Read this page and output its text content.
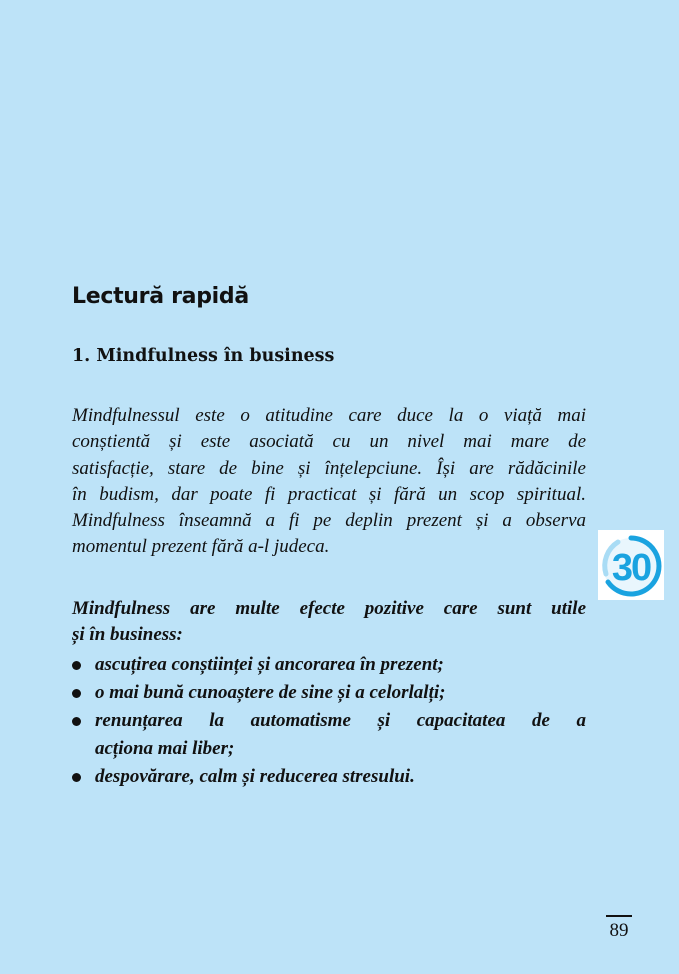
Lectură rapidă
1. Mindfulness în business

Mindfulnessul este o atitudine care duce la o viață mai
conștientă și este asociată cu un nivel mai mare de
satisfacție, stare de bine și înțelepciune. Își are rădăcinile
în budism, dar poate fi practicat și fără un scop spiritual.
Mindfulness înseamnă a fi pe deplin prezent și a observa
momentul prezent fără a-l judeca.

Mindfulness are multe efecte pozitive care sunt utile
și în business:

ascuțirea conștiinței și ancorarea în prezent;
o mai bună cunoaștere de sine și a celorlalți;
renunțarea la automatisme și capacitatea de a
acționa mai liber;
despovărare, calm și reducerea stresului.
30
89
